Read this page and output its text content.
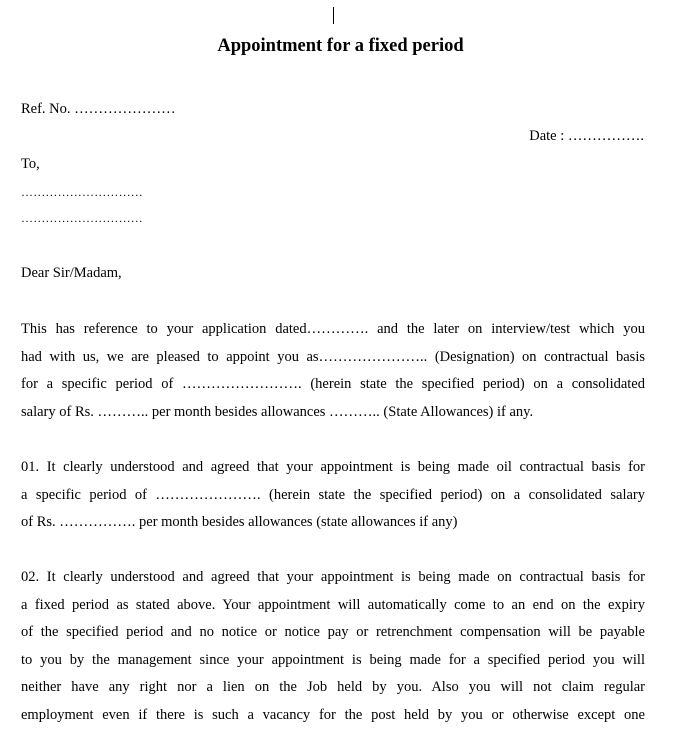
Appointment for a fixed period
Ref. No. …………………
Date : …………….
To,
…………………………
…………………………
Dear Sir/Madam,
This has reference to your application dated…………. and the later on interview/test which you
had with us, we are pleased to appoint you as………………….. (Designation) on contractual basis
for a specific period of ……………………. (herein state the specified period) on a consolidated
salary of Rs. ……….. per month besides allowances ……….. (State Allowances) if any.
01. It clearly understood and agreed that your appointment is being made oil contractual basis for
a specific period of …………………. (herein state the specified period) on a consolidated salary
of Rs. ……………. per month besides allowances (state allowances if any)
02. It clearly understood and agreed that your appointment is being made on contractual basis for
a fixed period as stated above. Your appointment will automatically come to an end on the expiry
of the specified period and no notice or notice pay or retrenchment compensation will be payable
to you by the management since your appointment is being made for a specified period you will
neither have any right nor a lien on the Job held by you. Also you will not claim regular
employment even if there is such a vacancy for the post held by you or otherwise except one
